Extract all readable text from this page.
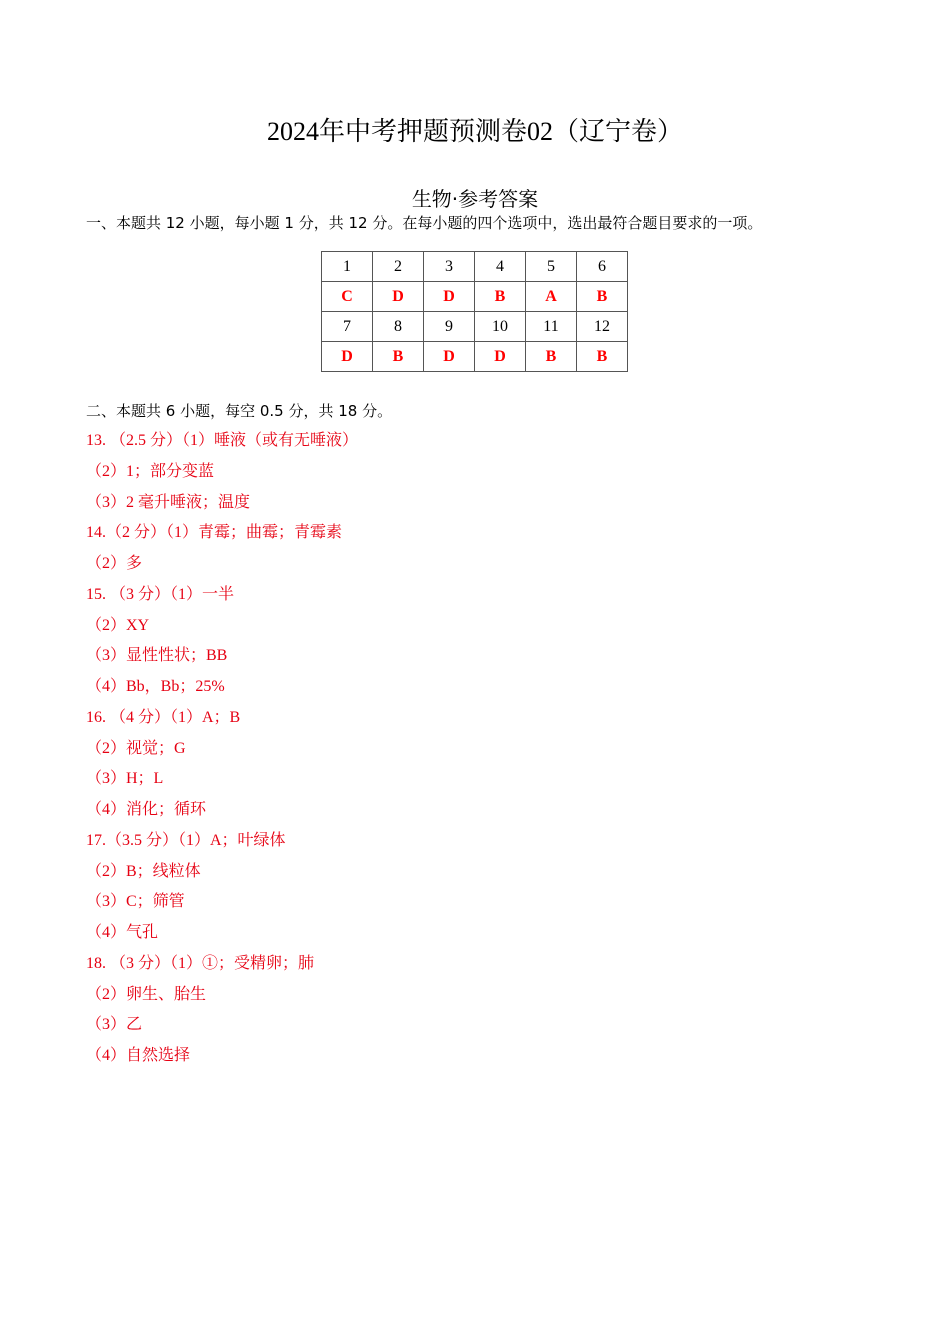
2024年中考押题预测卷02（辽宁卷）
生物·参考答案
一、本题共 12 小题，每小题 1 分，共 12 分。在每小题的四个选项中，选出最符合题目要求的一项。
1	2	3	4	5	6
C	D	D	B	A	B
7	8	9	10	11	12
D	B	D	D	B	B
二、本题共 6 小题，每空 0.5 分，共 18 分。
13. （2.5 分）（1）唾液（或有无唾液）
（2）1；部分变蓝
（3）2 毫升唾液；温度
14.（2 分）（1）青霉；曲霉；青霉素
（2）多
15. （3 分）（1）一半
（2）XY
（3）显性性状；BB
（4）Bb，Bb；25%
16. （4 分）（1）A；B
（2）视觉；G
（3）H；L
（4）消化；循环
17.（3.5 分）（1）A；叶绿体
（2）B；线粒体
（3）C；筛管
（4）气孔
18. （3 分）（1）①；受精卵；肺
（2）卵生、胎生
（3）乙
（4）自然选择
